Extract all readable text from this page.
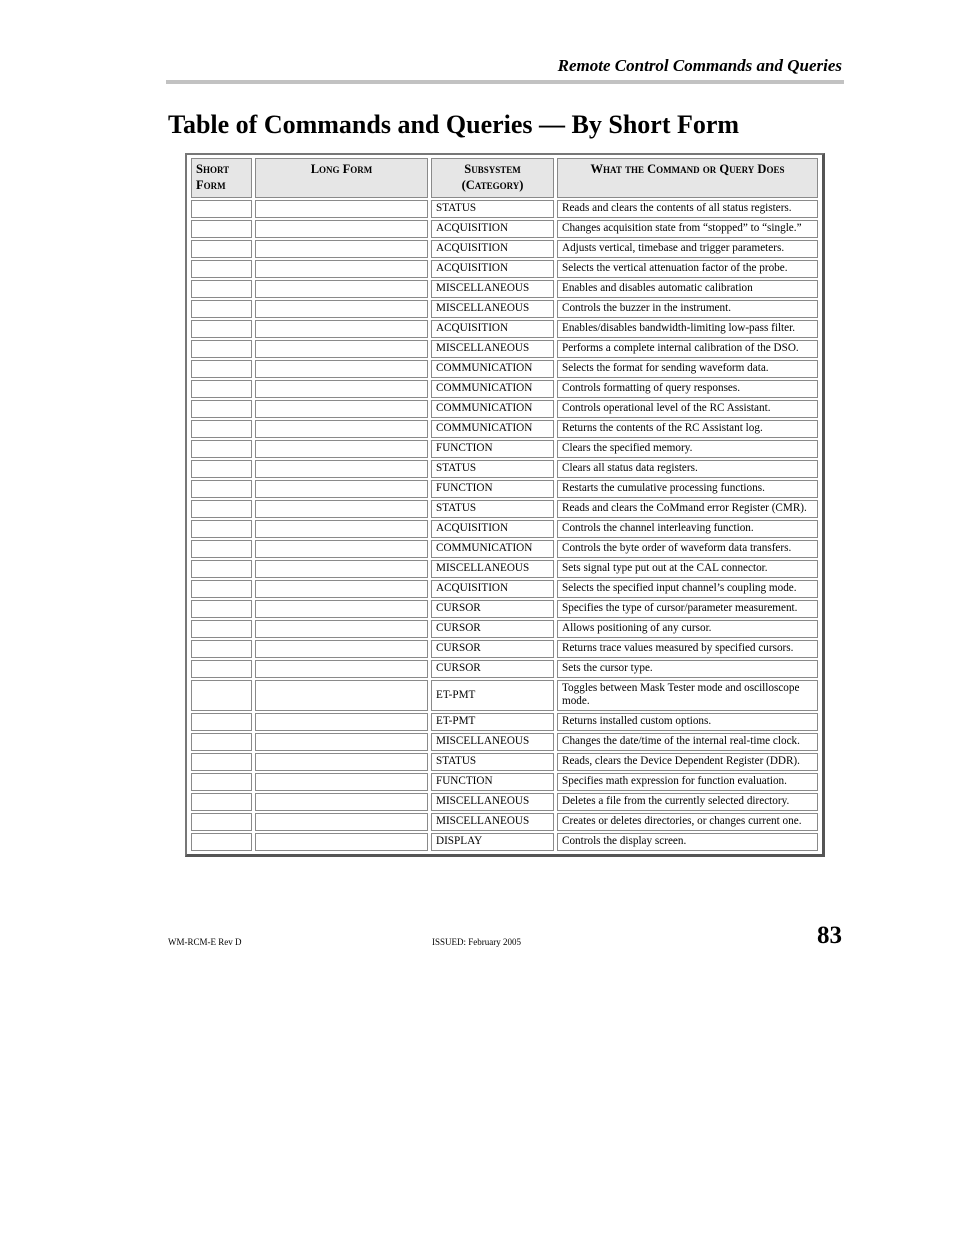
Remote Control Commands and Queries
Table of Commands and Queries — By Short Form
Short Form	Long Form	Subsystem (Category)	What the Command or Query Does
		STATUS	Reads and clears the contents of all status registers.
		ACQUISITION	Changes acquisition state from “stopped” to “single.”
		ACQUISITION	Adjusts vertical, timebase and trigger parameters.
		ACQUISITION	Selects the vertical attenuation factor of the probe.
		MISCELLANEOUS	Enables and disables automatic calibration
		MISCELLANEOUS	Controls the buzzer in the instrument.
		ACQUISITION	Enables/disables bandwidth-limiting low-pass filter.
		MISCELLANEOUS	Performs a complete internal calibration of the DSO.
		COMMUNICATION	Selects the format for sending waveform data.
		COMMUNICATION	Controls formatting of query responses.
		COMMUNICATION	Controls operational level of the RC Assistant.
		COMMUNICATION	Returns the contents of the RC Assistant log.
		FUNCTION	Clears the specified memory.
		STATUS	Clears all status data registers.
		FUNCTION	Restarts the cumulative processing functions.
		STATUS	Reads and clears the CoMmand error Register (CMR).
		ACQUISITION	Controls the channel interleaving function.
		COMMUNICATION	Controls the byte order of waveform data transfers.
		MISCELLANEOUS	Sets signal type put out at the CAL connector.
		ACQUISITION	Selects the specified input channel’s coupling mode.
		CURSOR	Specifies the type of cursor/parameter measurement.
		CURSOR	Allows positioning of any cursor.
		CURSOR	Returns trace values measured by specified cursors.
		CURSOR	Sets the cursor type.
		ET-PMT	Toggles between Mask Tester mode and oscilloscope mode.
		ET-PMT	Returns installed custom options.
		MISCELLANEOUS	Changes the date/time of the internal real-time clock.
		STATUS	Reads, clears the Device Dependent Register (DDR).
		FUNCTION	Specifies math expression for function evaluation.
		MISCELLANEOUS	Deletes a file from the currently selected directory.
		MISCELLANEOUS	Creates or deletes directories, or changes current one.
		DISPLAY	Controls the display screen.
WM-RCM-E Rev D	ISSUED: February 2005	83
